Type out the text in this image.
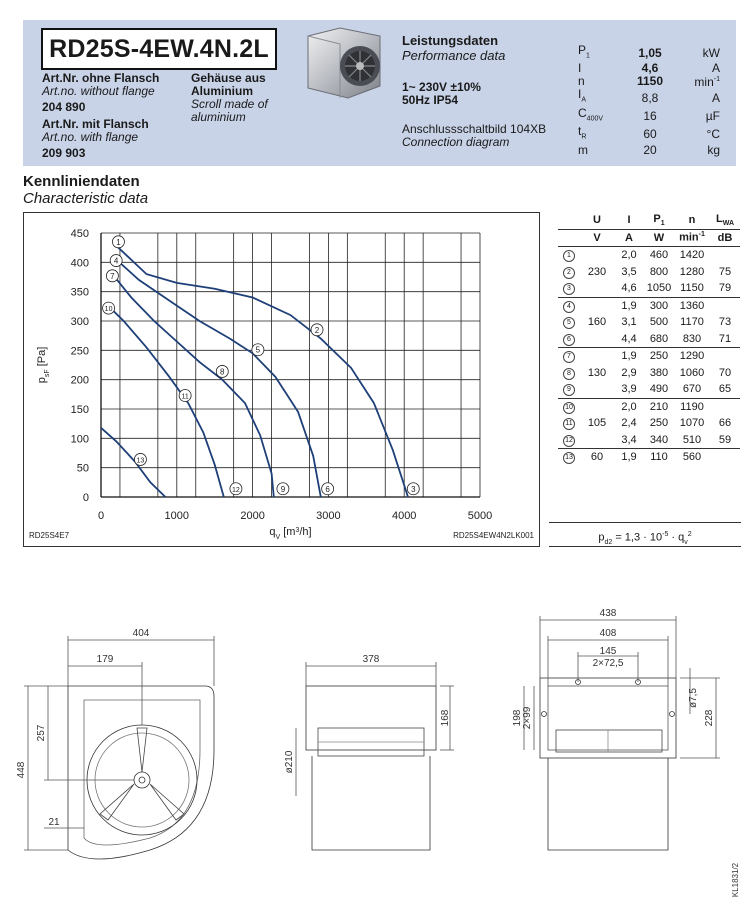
RD25S-4EW.4N.2L
Art.Nr. ohne Flansch
Art.no. without flange
204 890
Art.Nr. mit Flansch
Art.no. with flange
209 903
Gehäuse aus
Aluminium
Scroll made of
aluminium
Leistungsdaten
Performance data
1~ 230V ±10%
50Hz IP54
Anschlussschaltbild 104XB
Connection diagram
$P_1$	1,05	kW
I	4,6	A
n	1150	$\min^{-1}$
$I_A$	8,8	A
$C_{400V}$	16	µF
$t_R$	60	°C
m	20	kg
Kennliniendaten
Characteristic data
0	1000	2000	3000	4000	5000
0
50
100
150
200
250
300
350
400
450
$q_V$ $[m^3/h]$
$p_{sF}$ [Pa]
RD25S4E7	RD25S4EW4N2LK001
1
2
3
4
5
6
7
8
9
10
11
12
13
	U	I	$P_1$	n	$L_{WA}$
	V	A	W	$\min^{-1}$	dB
1		2,0	460	1420	
2	230	3,5	800	1280	75
3		4,6	1050	1150	79
4		1,9	300	1360	
5	160	3,1	500	1170	73
6		4,4	680	830	71
7		1,9	250	1290	
8	130	2,9	380	1060	70
9		3,9	490	670	65
10		2,0	210	1190	
11	105	2,4	250	1070	66
12		3,4	340	510	59
13	60	1,9	110	560	
$p_{d2} = 1,3 \cdot 10^{-5} \cdot q_v^2$
404
179
448
257
21
378
168
ø210
438
408
145
2×72,5
198 2×99	228
ø7,5
KL1831/2
